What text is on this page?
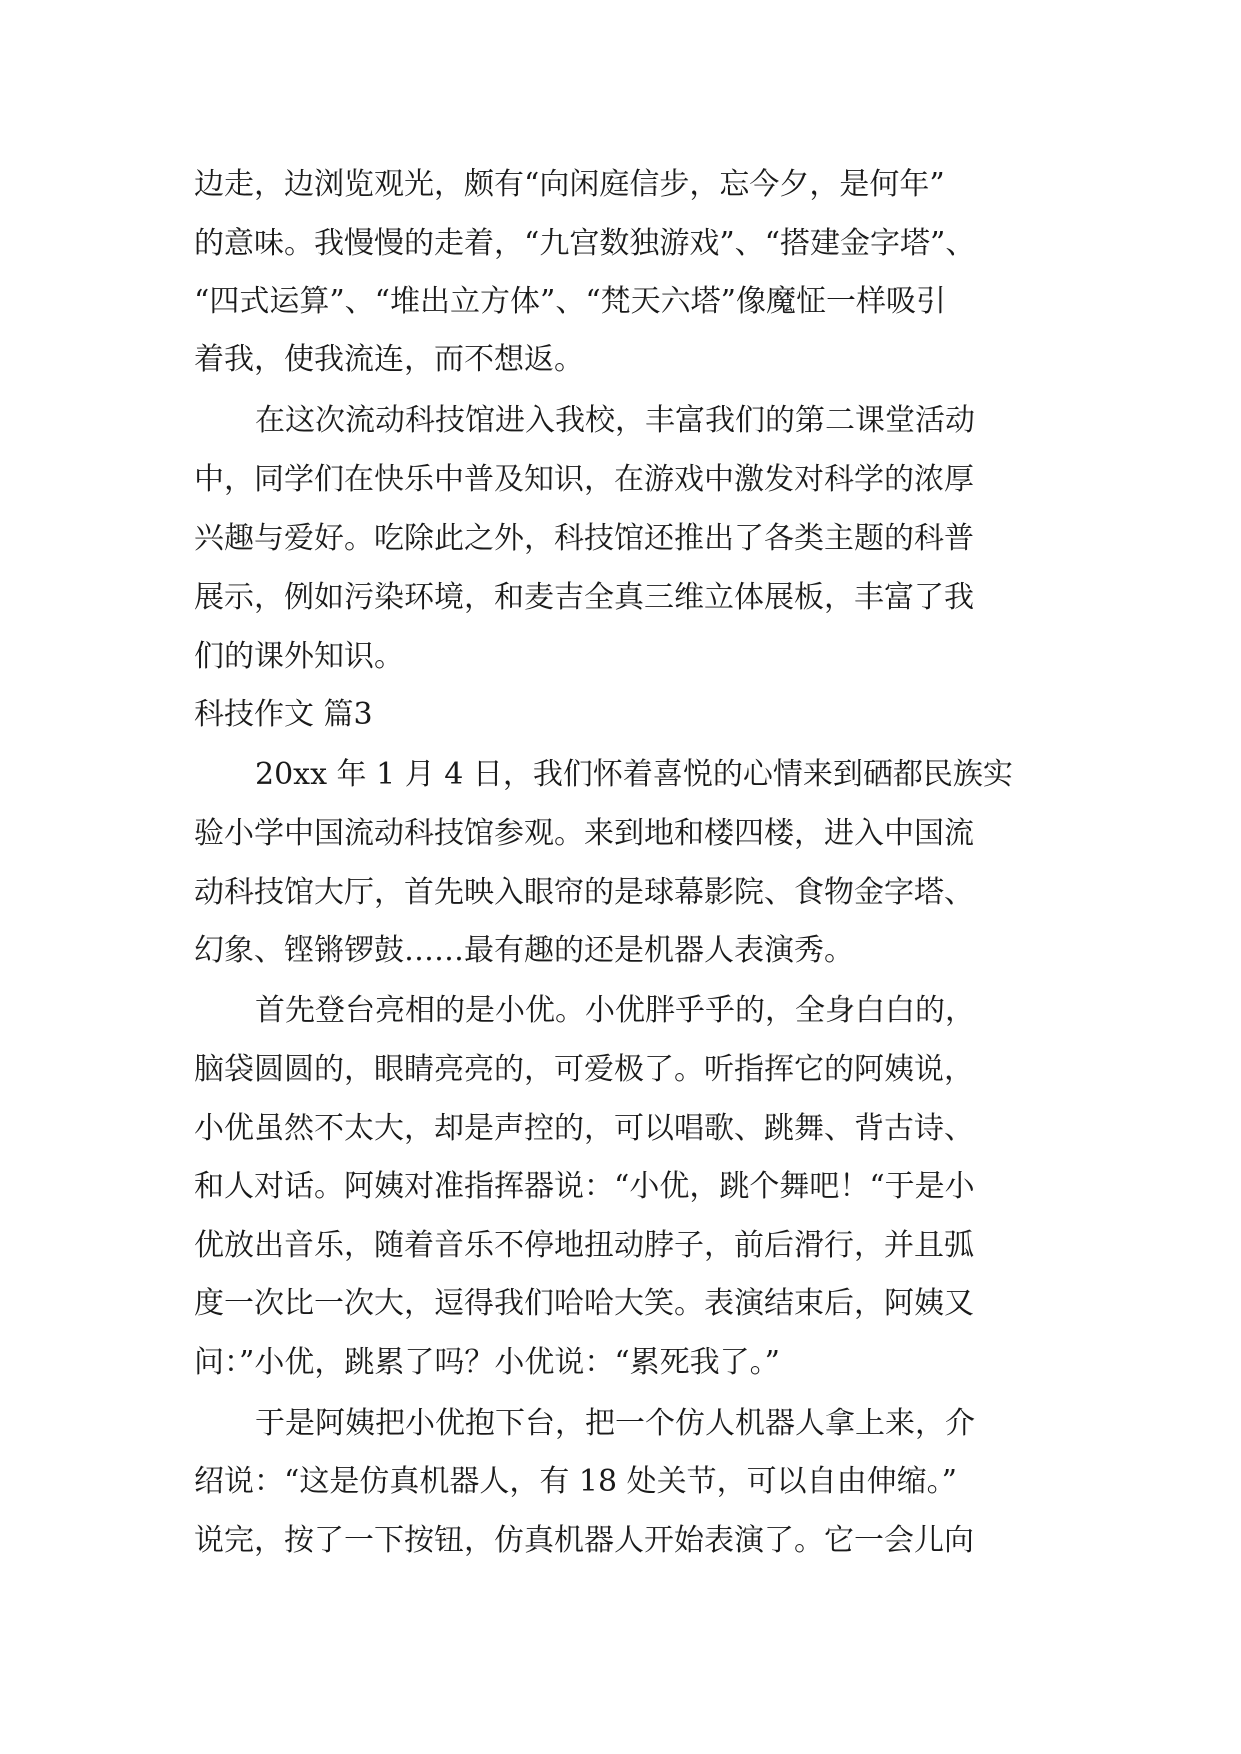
边走，边浏览观光，颇有“向闲庭信步，忘今夕，是何年”
的意味。我慢慢的走着，“九宫数独游戏”、“搭建金字塔”、
“四式运算”、“堆出立方体”、“梵天六塔”像魔怔一样吸引
着我，使我流连，而不想返。
在这次流动科技馆进入我校，丰富我们的第二课堂活动
中，同学们在快乐中普及知识，在游戏中激发对科学的浓厚
兴趣与爱好。吃除此之外，科技馆还推出了各类主题的科普
展示，例如污染环境，和麦吉全真三维立体展板，丰富了我
们的课外知识。
科技作文 篇3
20xx 年 1 月 4 日，我们怀着喜悦的心情来到硒都民族实
验小学中国流动科技馆参观。来到地和楼四楼，进入中国流
动科技馆大厅，首先映入眼帘的是球幕影院、食物金字塔、
幻象、铿锵锣鼓……最有趣的还是机器人表演秀。
首先登台亮相的是小优。小优胖乎乎的，全身白白的，
脑袋圆圆的，眼睛亮亮的，可爱极了。听指挥它的阿姨说，
小优虽然不太大，却是声控的，可以唱歌、跳舞、背古诗、
和人对话。阿姨对准指挥器说：“小优，跳个舞吧！“于是小
优放出音乐，随着音乐不停地扭动脖子，前后滑行，并且弧
度一次比一次大，逗得我们哈哈大笑。表演结束后，阿姨又
问：”小优，跳累了吗？小优说：“累死我了。”
于是阿姨把小优抱下台，把一个仿人机器人拿上来，介
绍说：“这是仿真机器人，有 18 处关节，可以自由伸缩。”
说完，按了一下按钮，仿真机器人开始表演了。它一会儿向
